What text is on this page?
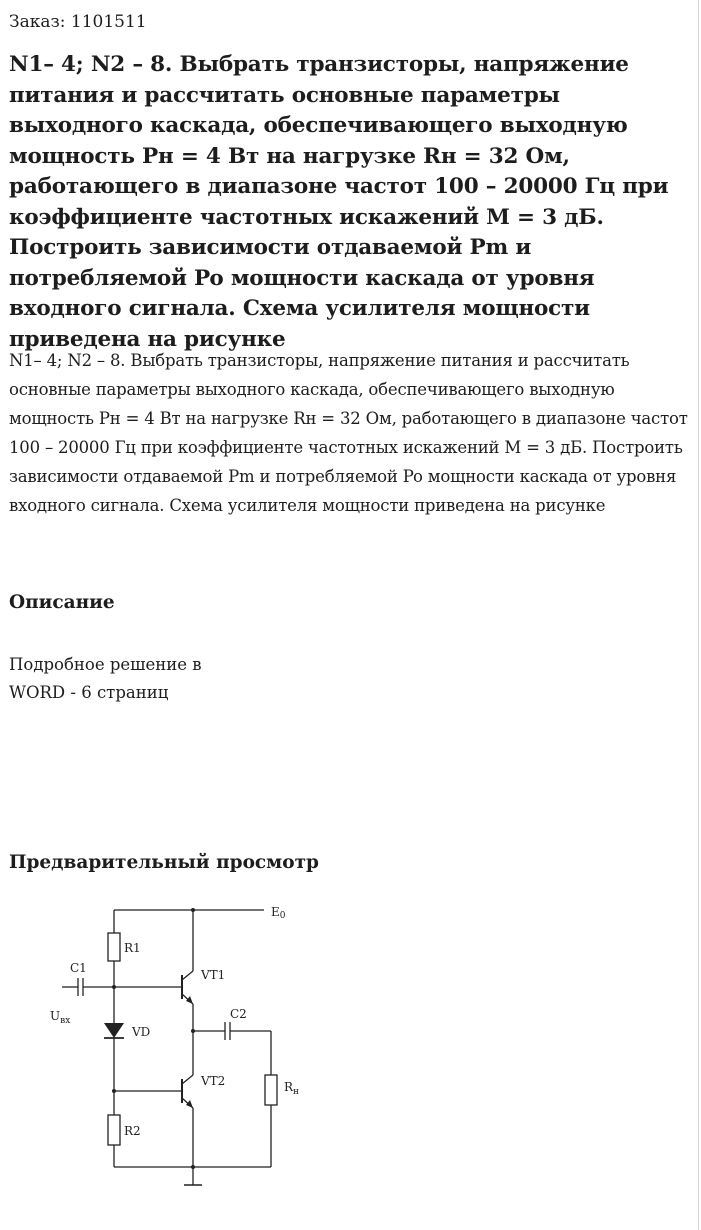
Заказ: 1101511
N1– 4; N2 – 8. Выбрать транзисторы, напряжение питания и рассчитать основные параметры выходного каскада, обеспечивающего выходную мощность Pн = 4 Вт на нагрузке Rн = 32 Ом, работающего в диапазоне частот 100 – 20000 Гц при коэффициенте частотных искажений M = 3 дБ. Построить зависимости отдаваемой Pm и потребляемой Po мощности каскада от уровня входного сигнала. Схема усилителя мощности приведена на рисунке

N1– 4; N2 – 8. Выбрать транзисторы, напряжение питания и рассчитать основные параметры выходного каскада, обеспечивающего выходную мощность Pн = 4 Вт на нагрузке Rн = 32 Ом, работающего в диапазоне частот 100 – 20000 Гц при коэффициенте частотных искажений M = 3 дБ. Построить зависимости отдаваемой Pm и потребляемой Po мощности каскада от уровня входного сигнала. Схема усилителя мощности приведена на рисунке

Описание
Подробное решение в
WORD - 6 страниц
Предварительный просмотр
E0
R1
C1	VT1
C2
$U_{вх}$
VD
VT2	$R_н$
R2
